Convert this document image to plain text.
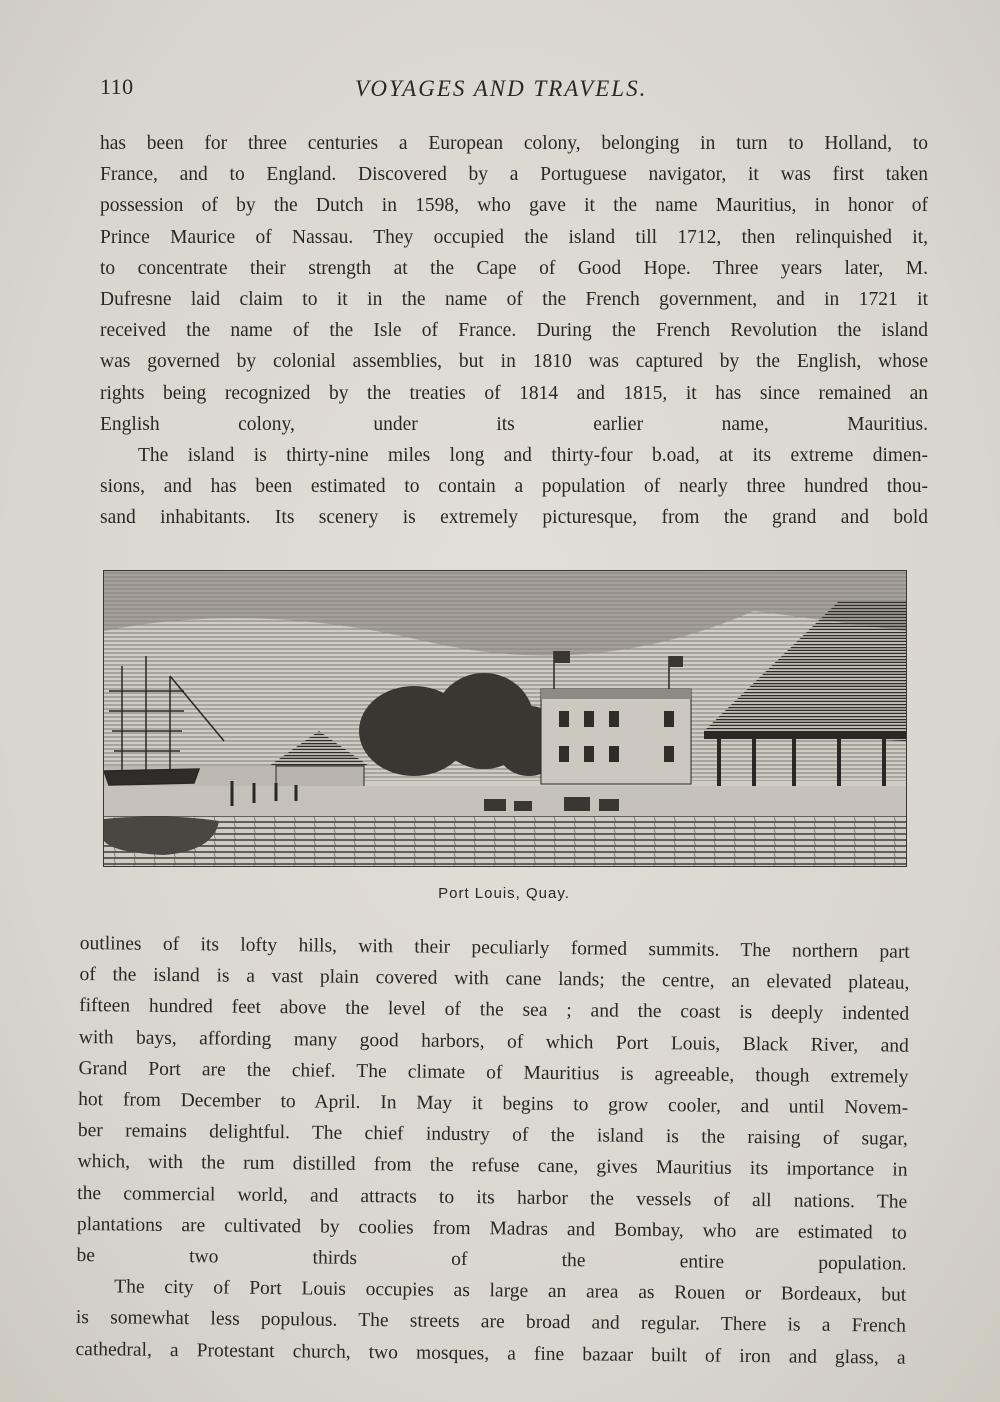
110	VOYAGES AND TRAVELS.
has been for three centuries a European colony, belonging in turn to Holland, to
France, and to England. Discovered by a Portuguese navigator, it was first taken
possession of by the Dutch in 1598, who gave it the name Mauritius, in honor of
Prince Maurice of Nassau. They occupied the island till 1712, then relinquished it,
to concentrate their strength at the Cape of Good Hope. Three years later, M.
Dufresne laid claim to it in the name of the French government, and in 1721 it
received the name of the Isle of France. During the French Revolution the island
was governed by colonial assemblies, but in 1810 was captured by the English, whose
rights being recognized by the treaties of 1814 and 1815, it has since remained an
English colony, under its earlier name, Mauritius.
The island is thirty-nine miles long and thirty-four b.oad, at its extreme dimen-
sions, and has been estimated to contain a population of nearly three hundred thou-
sand inhabitants. Its scenery is extremely picturesque, from the grand and bold
Port Louis, Quay.
outlines of its lofty hills, with their peculiarly formed summits. The northern part
of the island is a vast plain covered with cane lands; the centre, an elevated plateau,
fifteen hundred feet above the level of the sea ; and the coast is deeply indented
with bays, affording many good harbors, of which Port Louis, Black River, and
Grand Port are the chief. The climate of Mauritius is agreeable, though extremely
hot from December to April. In May it begins to grow cooler, and until Novem-
ber remains delightful. The chief industry of the island is the raising of sugar,
which, with the rum distilled from the refuse cane, gives Mauritius its importance in
the commercial world, and attracts to its harbor the vessels of all nations. The
plantations are cultivated by coolies from Madras and Bombay, who are estimated to
be two thirds of the entire population.
The city of Port Louis occupies as large an area as Rouen or Bordeaux, but
is somewhat less populous. The streets are broad and regular. There is a French
cathedral, a Protestant church, two mosques, a fine bazaar built of iron and glass, a
